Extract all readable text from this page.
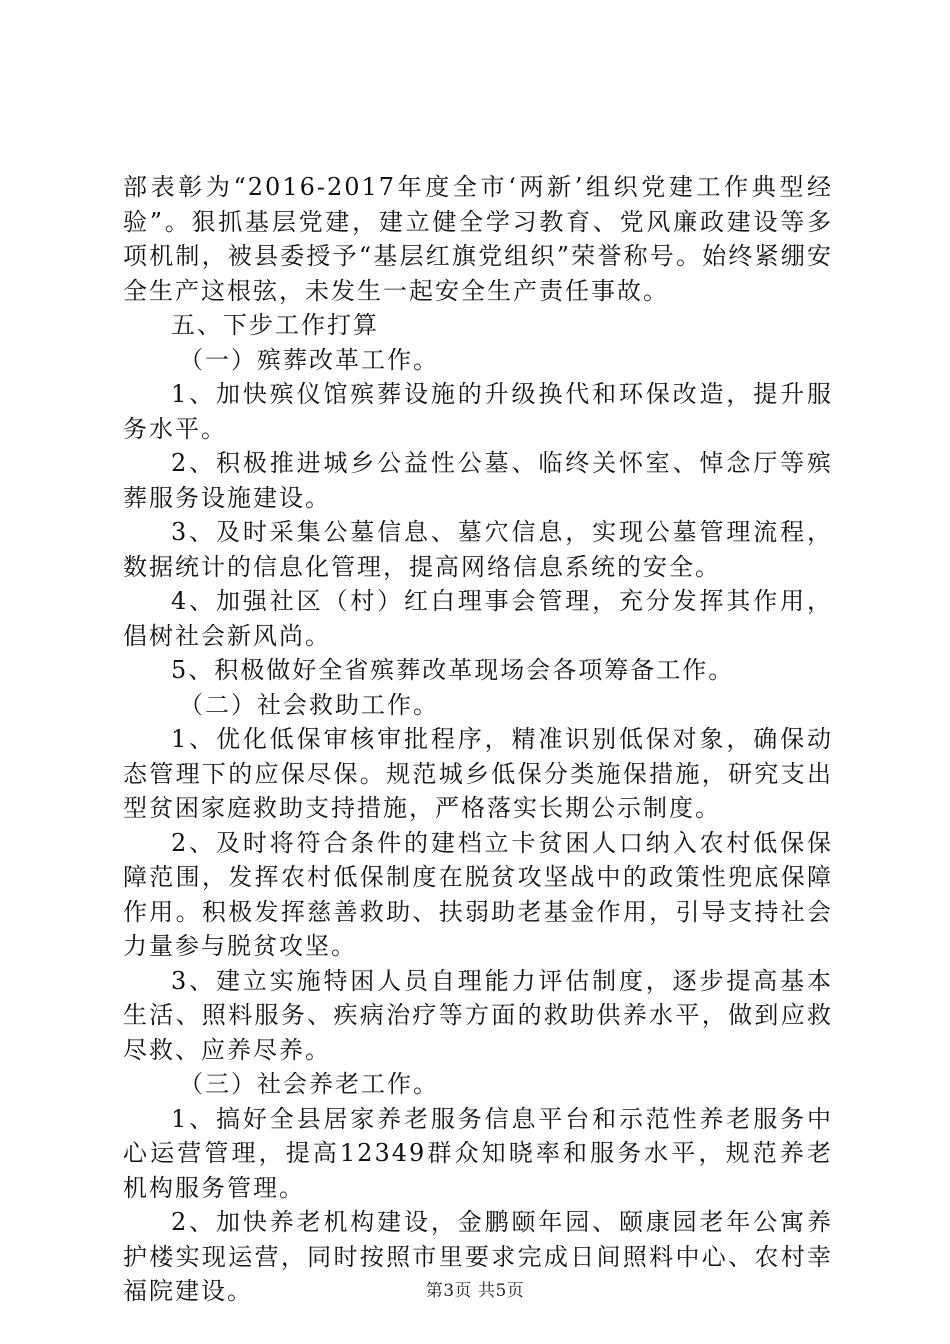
部表彰为“2016-2017年度全市‘两新’组织党建工作典型经验”。狠抓基层党建，建立健全学习教育、党风廉政建设等多项机制，被县委授予“基层红旗党组织”荣誉称号。始终紧绷安全生产这根弦，未发生一起安全生产责任事故。

五、下步工作打算

（一）殡葬改革工作。

1、加快殡仪馆殡葬设施的升级换代和环保改造，提升服务水平。

2、积极推进城乡公益性公墓、临终关怀室、悼念厅等殡葬服务设施建设。

3、及时采集公墓信息、墓穴信息，实现公墓管理流程，数据统计的信息化管理，提高网络信息系统的安全。

4、加强社区（村）红白理事会管理，充分发挥其作用，倡树社会新风尚。

5、积极做好全省殡葬改革现场会各项筹备工作。

（二）社会救助工作。

1、优化低保审核审批程序，精准识别低保对象，确保动态管理下的应保尽保。规范城乡低保分类施保措施，研究支出型贫困家庭救助支持措施，严格落实长期公示制度。

2、及时将符合条件的建档立卡贫困人口纳入农村低保保障范围，发挥农村低保制度在脱贫攻坚战中的政策性兜底保障作用。积极发挥慈善救助、扶弱助老基金作用，引导支持社会力量参与脱贫攻坚。

3、建立实施特困人员自理能力评估制度，逐步提高基本生活、照料服务、疾病治疗等方面的救助供养水平，做到应救尽救、应养尽养。

（三）社会养老工作。

1、搞好全县居家养老服务信息平台和示范性养老服务中心运营管理，提高12349群众知晓率和服务水平，规范养老机构服务管理。

2、加快养老机构建设，金鹏颐年园、颐康园老年公寓养护楼实现运营，同时按照市里要求完成日间照料中心、农村幸福院建设。	第3页 共5页
